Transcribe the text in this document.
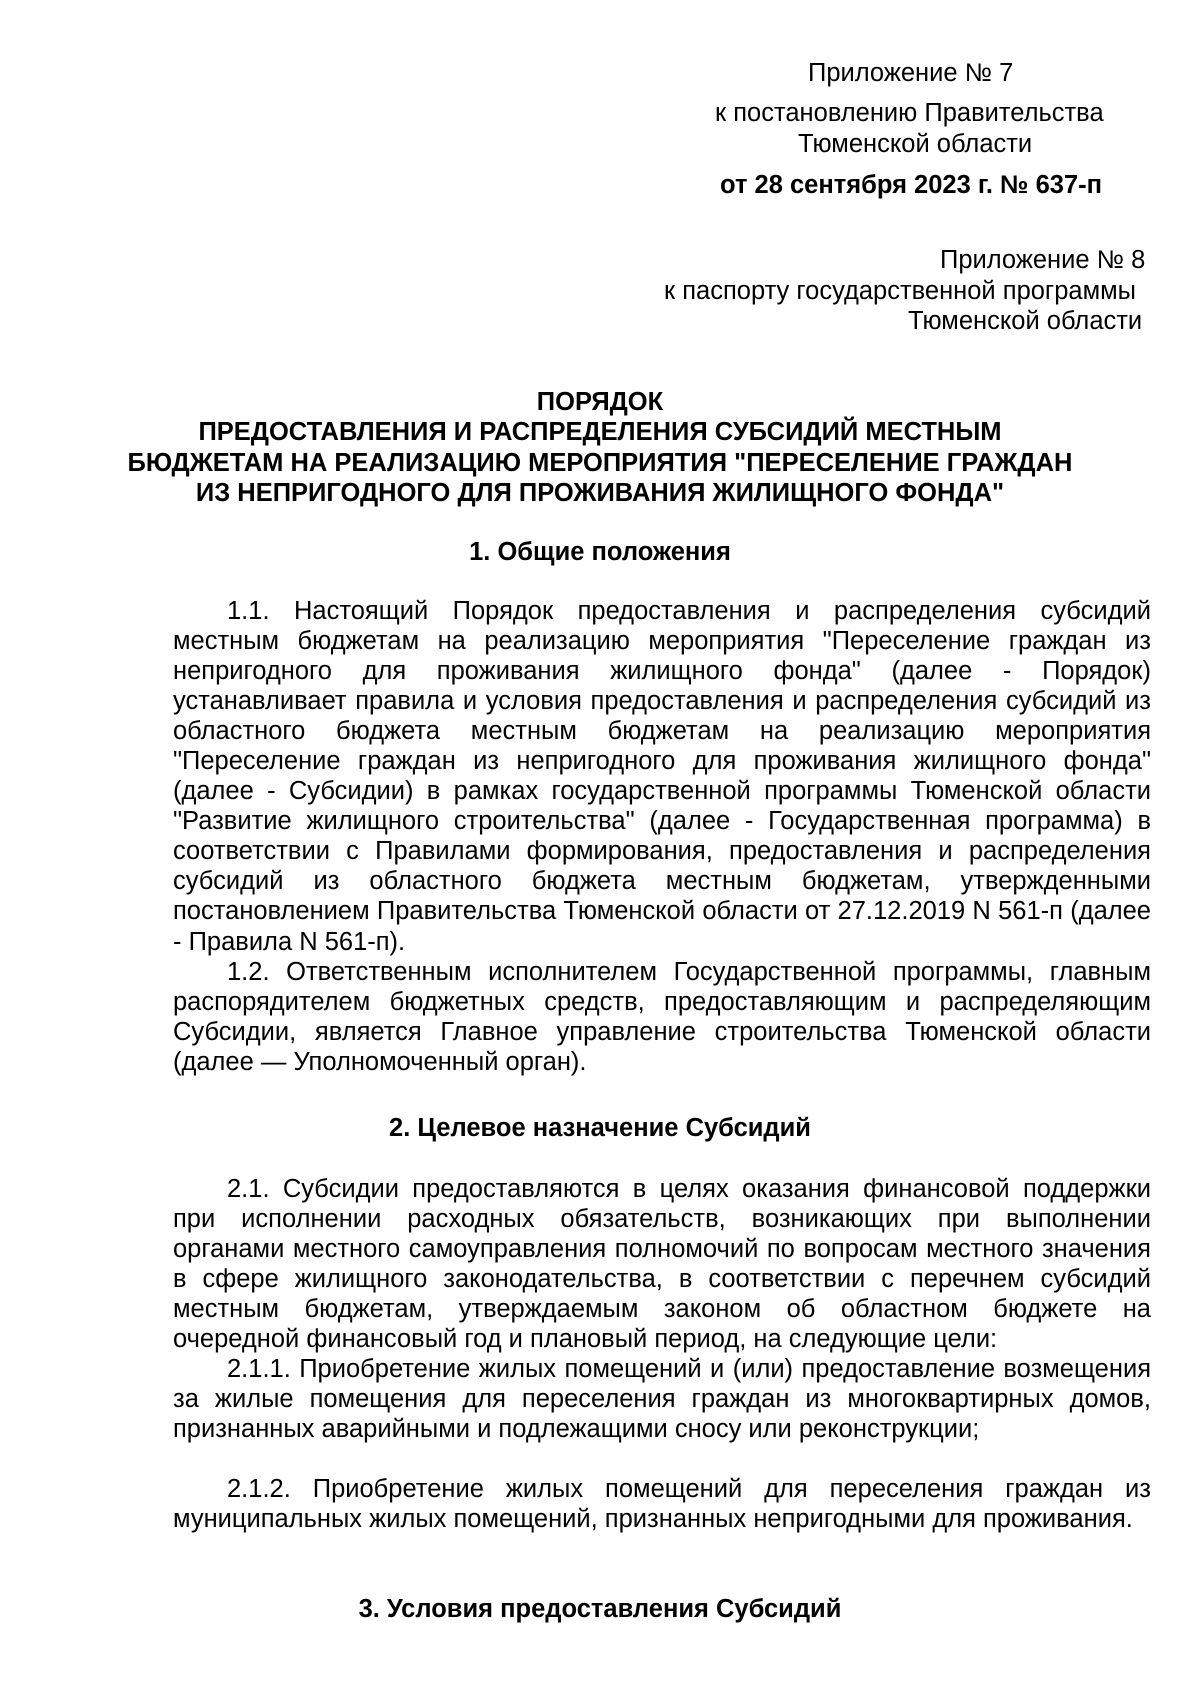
Приложение № 7
к постановлению Правительства
Тюменской области
от 28 сентября 2023 г. № 637-п
Приложение № 8
к паспорту государственной программы
Тюменской области
ПОРЯДОК
ПРЕДОСТАВЛЕНИЯ И РАСПРЕДЕЛЕНИЯ СУБСИДИЙ МЕСТНЫМ
БЮДЖЕТАМ НА РЕАЛИЗАЦИЮ МЕРОПРИЯТИЯ "ПЕРЕСЕЛЕНИЕ ГРАЖДАН
ИЗ НЕПРИГОДНОГО ДЛЯ ПРОЖИВАНИЯ ЖИЛИЩНОГО ФОНДА"
1. Общие положения
1.1. Настоящий Порядок предоставления и распределения субсидий местным бюджетам на реализацию мероприятия "Переселение граждан из непригодного для проживания жилищного фонда" (далее - Порядок) устанавливает правила и условия предоставления и распределения субсидий из областного бюджета местным бюджетам на реализацию мероприятия "Переселение граждан из непригодного для проживания жилищного фонда" (далее - Субсидии) в рамках государственной программы Тюменской области "Развитие жилищного строительства" (далее - Государственная программа) в соответствии с Правилами формирования, предоставления и распределения субсидий из областного бюджета местным бюджетам, утвержденными постановлением Правительства Тюменской области от 27.12.2019 N 561-п (далее - Правила N 561-п).
1.2. Ответственным исполнителем Государственной программы, главным распорядителем бюджетных средств, предоставляющим и распределяющим Субсидии, является Главное управление строительства Тюменской области (далее — Уполномоченный орган).
2. Целевое назначение Субсидий
2.1. Субсидии предоставляются в целях оказания финансовой поддержки при исполнении расходных обязательств, возникающих при выполнении органами местного самоуправления полномочий по вопросам местного значения в сфере жилищного законодательства, в соответствии с перечнем субсидий местным бюджетам, утверждаемым законом об областном бюджете на очередной финансовый год и плановый период, на следующие цели:
2.1.1. Приобретение жилых помещений и (или) предоставление возмещения за жилые помещения для переселения граждан из многоквартирных домов, признанных аварийными и подлежащими сносу или реконструкции;
2.1.2. Приобретение жилых помещений для переселения граждан из муниципальных жилых помещений, признанных непригодными для проживания.
3. Условия предоставления Субсидий
